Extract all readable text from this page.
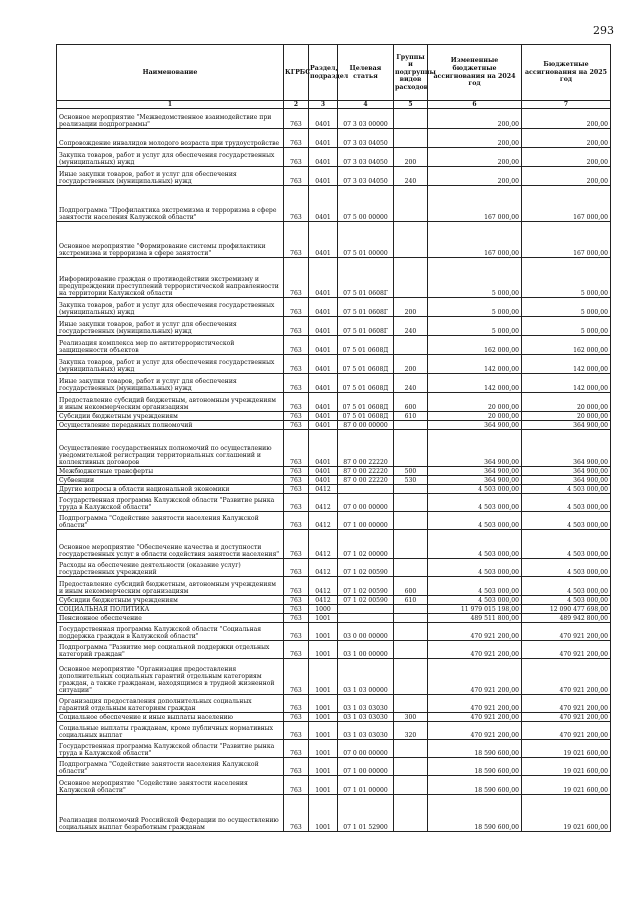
293
Наименование	КГРБС	Раздел, подраздел	Целевая статья	Группы и подгруппы видов расходов	Измененные бюджетные ассигнования на 2024 год	Бюджетные ассигнования на 2025 год
1	2	3	4	5	6	7
Основное мероприятие "Межведомственное взаимодействие при реализации подпрограммы"	763	0401	07 3 03 00000		200,00	200,00
Сопровождение инвалидов молодого возраста при трудоустройстве	763	0401	07 3 03 04050		200,00	200,00
Закупка товаров, работ и услуг для обеспечения государственных (муниципальных) нужд	763	0401	07 3 03 04050	200	200,00	200,00
Иные закупки товаров, работ и услуг для обеспечения государственных (муниципальных) нужд	763	0401	07 3 03 04050	240	200,00	200,00
Подпрограмма "Профилактика экстремизма и терроризма в сфере занятости населения Калужской области"	763	0401	07 5 00 00000		167 000,00	167 000,00
Основное мероприятие "Формирование системы профилактики экстремизма и терроризма в сфере занятости"	763	0401	07 5 01 00000		167 000,00	167 000,00
Информирование граждан о противодействии экстремизму и предупреждении преступлений террористической направленности на территории Калужской области	763	0401	07 5 01 0608Г		5 000,00	5 000,00
Закупка товаров, работ и услуг для обеспечения государственных (муниципальных) нужд	763	0401	07 5 01 0608Г	200	5 000,00	5 000,00
Иные закупки товаров, работ и услуг для обеспечения государственных (муниципальных) нужд	763	0401	07 5 01 0608Г	240	5 000,00	5 000,00
Реализация комплекса мер по антитеррористической защищенности объектов	763	0401	07 5 01 0608Д		162 000,00	162 000,00
Закупка товаров, работ и услуг для обеспечения государственных (муниципальных) нужд	763	0401	07 5 01 0608Д	200	142 000,00	142 000,00
Иные закупки товаров, работ и услуг для обеспечения государственных (муниципальных) нужд	763	0401	07 5 01 0608Д	240	142 000,00	142 000,00
Предоставление субсидий бюджетным, автономным учреждениям и иным некоммерческим организациям	763	0401	07 5 01 0608Д	600	20 000,00	20 000,00
Субсидии бюджетным учреждениям	763	0401	07 5 01 0608Д	610	20 000,00	20 000,00
Осуществление переданных полномочий	763	0401	87 0 00 00000		364 900,00	364 900,00
Осуществление государственных полномочий по осуществлению уведомительной регистрации территориальных соглашений и коллективных договоров	763	0401	87 0 00 22220		364 900,00	364 900,00
Межбюджетные трансферты	763	0401	87 0 00 22220	500	364 900,00	364 900,00
Субвенции	763	0401	87 0 00 22220	530	364 900,00	364 900,00
Другие вопросы в области национальной экономики	763	0412			4 503 000,00	4 503 000,00
Государственная программа Калужской области "Развитие рынка труда в Калужской области"	763	0412	07 0 00 00000		4 503 000,00	4 503 000,00
Подпрограмма "Содействие занятости населения Калужской области"	763	0412	07 1 00 00000		4 503 000,00	4 503 000,00
Основное мероприятие "Обеспечение качества и доступности государственных услуг в области содействия занятости населения"	763	0412	07 1 02 00000		4 503 000,00	4 503 000,00
Расходы на обеспечение деятельности (оказание услуг) государственных учреждений	763	0412	07 1 02 00590		4 503 000,00	4 503 000,00
Предоставление субсидий бюджетным, автономным учреждениям и иным некоммерческим организациям	763	0412	07 1 02 00590	600	4 503 000,00	4 503 000,00
Субсидии бюджетным учреждениям	763	0412	07 1 02 00590	610	4 503 000,00	4 503 000,00
СОЦИАЛЬНАЯ ПОЛИТИКА	763	1000			11 979 015 198,00	12 090 477 698,00
Пенсионное обеспечение	763	1001			489 511 800,00	489 942 800,00
Государственная программа Калужской области "Социальная поддержка граждан в Калужской области"	763	1001	03 0 00 00000		470 921 200,00	470 921 200,00
Подпрограмма "Развитие мер социальной поддержки отдельных категорий граждан"	763	1001	03 1 00 00000		470 921 200,00	470 921 200,00
Основное мероприятие "Организация предоставления дополнительных социальных гарантий отдельным категориям граждан, а также гражданам, находящимся в трудной жизненной ситуации"	763	1001	03 1 03 00000		470 921 200,00	470 921 200,00
Организация предоставления дополнительных социальных гарантий отдельным категориям граждан	763	1001	03 1 03 03030		470 921 200,00	470 921 200,00
Социальное обеспечение и иные выплаты населению	763	1001	03 1 03 03030	300	470 921 200,00	470 921 200,00
Социальные выплаты гражданам, кроме публичных нормативных социальных выплат	763	1001	03 1 03 03030	320	470 921 200,00	470 921 200,00
Государственная программа Калужской области "Развитие рынка труда в Калужской области"	763	1001	07 0 00 00000		18 590 600,00	19 021 600,00
Подпрограмма "Содействие занятости населения Калужской области"	763	1001	07 1 00 00000		18 590 600,00	19 021 600,00
Основное мероприятие "Содействие занятости населения Калужской области"	763	1001	07 1 01 00000		18 590 600,00	19 021 600,00
Реализация полномочий Российской Федерации по осуществлению социальных выплат безработным гражданам	763	1001	07 1 01 52900		18 590 600,00	19 021 600,00
